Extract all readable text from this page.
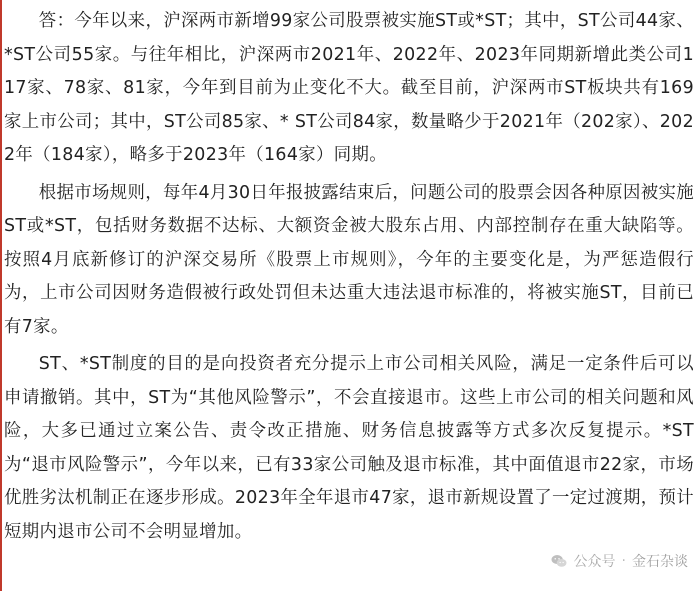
答：今年以来，沪深两市新增99家公司股票被实施ST或*ST；其中，ST公司44家、*ST公司55家。与往年相比，沪深两市2021年、2022年、2023年同期新增此类公司117家、78家、81家，今年到目前为止变化不大。截至目前，沪深两市ST板块共有169家上市公司；其中，ST公司85家、* ST公司84家，数量略少于2021年（202家）、2022年（184家），略多于2023年（164家）同期。

根据市场规则，每年4月30日年报披露结束后，问题公司的股票会因各种原因被实施ST或*ST，包括财务数据不达标、大额资金被大股东占用、内部控制存在重大缺陷等。按照4月底新修订的沪深交易所《股票上市规则》，今年的主要变化是，为严惩造假行为，上市公司因财务造假被行政处罚但未达重大违法退市标准的，将被实施ST，目前已有7家。

ST、*ST制度的目的是向投资者充分提示上市公司相关风险，满足一定条件后可以申请撤销。其中，ST为“其他风险警示”，不会直接退市。这些上市公司的相关问题和风险，大多已通过立案公告、责令改正措施、财务信息披露等方式多次反复提示。*ST为“退市风险警示”，今年以来，已有33家公司触及退市标准，其中面值退市22家，市场优胜劣汰机制正在逐步形成。2023年全年退市47家，退市新规设置了一定过渡期，预计短期内退市公司不会明显增加。

公众号 · 金石杂谈
